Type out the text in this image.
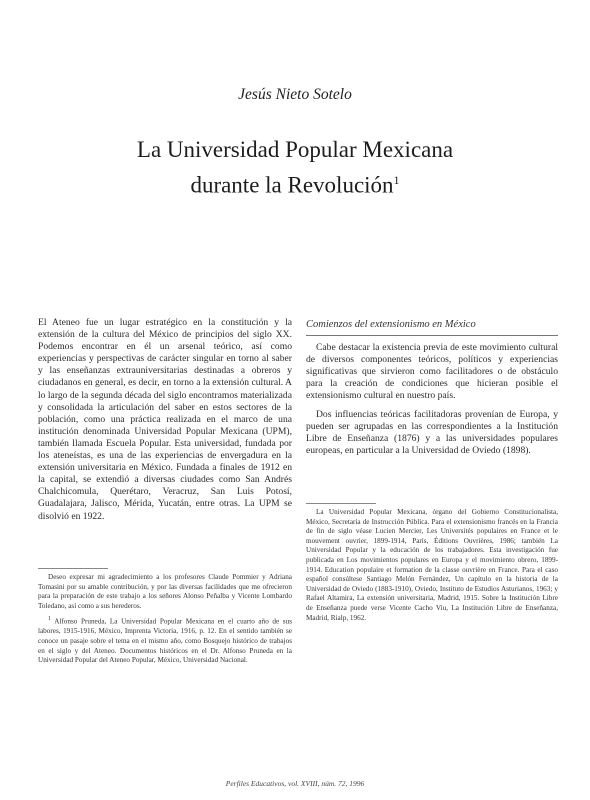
Jesús Nieto Sotelo
La Universidad Popular Mexicana
durante la Revolución$^1$

El Ateneo fue un lugar estratégico en la constitución y la extensión de la cultura del México de principios del siglo XX. Podemos encontrar en él un arsenal teórico, así como experiencias y perspectivas de carácter singular en torno al saber y las enseñanzas extrauniversitarias destinadas a obreros y ciudadanos en general, es decir, en torno a la extensión cultural. A lo largo de la segunda década del siglo encontramos materializada y consolidada la articulación del saber en estos sectores de la población, como una práctica realizada en el marco de una institución denominada Universidad Popular Mexicana (UPM), también llamada Escuela Popular. Esta universidad, fundada por los ateneístas, es una de las experiencias de envergadura en la extensión universitaria en México. Fundada a finales de 1912 en la capital, se extendió a diversas ciudades como San Andrés Chalchicomula, Querétaro, Veracruz, San Luis Potosí, Guadalajara, Jalisco, Mérida, Yucatán, entre otras. La UPM se disolvió en 1922.

Deseo expresar mi agradecimiento a los profesores Claude Pommier y Adriana Tomasini por su amable contribución, y por las diversas facilidades que me ofrecieron para la preparación de este trabajo a los señores Alonso Peñalba y Vicente Lombardo Toledano, así como a sus herederos.

$^1$ Alfonso Pruneda, La Universidad Popular Mexicana en el cuarto año de sus labores, 1915-1916, México, Imprenta Victoria, 1916, p. 12. En el sentido también se conoce un pasaje sobre el tema en el mismo año, como Bosquejo histórico de trabajos en el siglo y del Ateneo. Documentos históricos en el Dr. Alfonso Pruneda en la Universidad Popular del Ateneo Popular, México, Universidad Nacional.

Comienzos del extensionismo en México

Cabe destacar la existencia previa de este movimiento cultural de diversos componentes teóricos, políticos y experiencias significativas que sirvieron como facilitadores o de obstáculo para la creación de condiciones que hicieran posible el extensionismo cultural en nuestro país.

Dos influencias teóricas facilitadoras provenían de Europa, y pueden ser agrupadas en las correspondientes a la Institución Libre de Enseñanza (1876) y a las universidades populares europeas, en particular a la Universidad de Oviedo (1898).

La Universidad Popular Mexicana, órgano del Gobierno Constitucionalista, México, Secretaría de Instrucción Pública. Para el extensionismo francés en la Francia de fin de siglo véase Lucien Mercier, Les Universités populaires en France et le mouvement ouvrier, 1899-1914, París, Éditions Ouvrières, 1986; también La Universidad Popular y la educación de los trabajadores. Esta investigación fue publicada en Los movimientos populares en Europa y el movimiento obrero, 1899-1914. Education populaire et formation de la classe ouvrière en France. Para el caso español consúltese Santiago Melón Fernández, Un capítulo en la historia de la Universidad de Oviedo (1883-1910), Oviedo, Instituto de Estudios Asturianos, 1963; y Rafael Altamira, La extensión universitaria, Madrid, 1915. Sobre la Institución Libre de Enseñanza puede verse Vicente Cacho Viu, La Institución Libre de Enseñanza, Madrid, Rialp, 1962.

Perfiles Educativos, vol. XVIII, núm. 72, 1996
